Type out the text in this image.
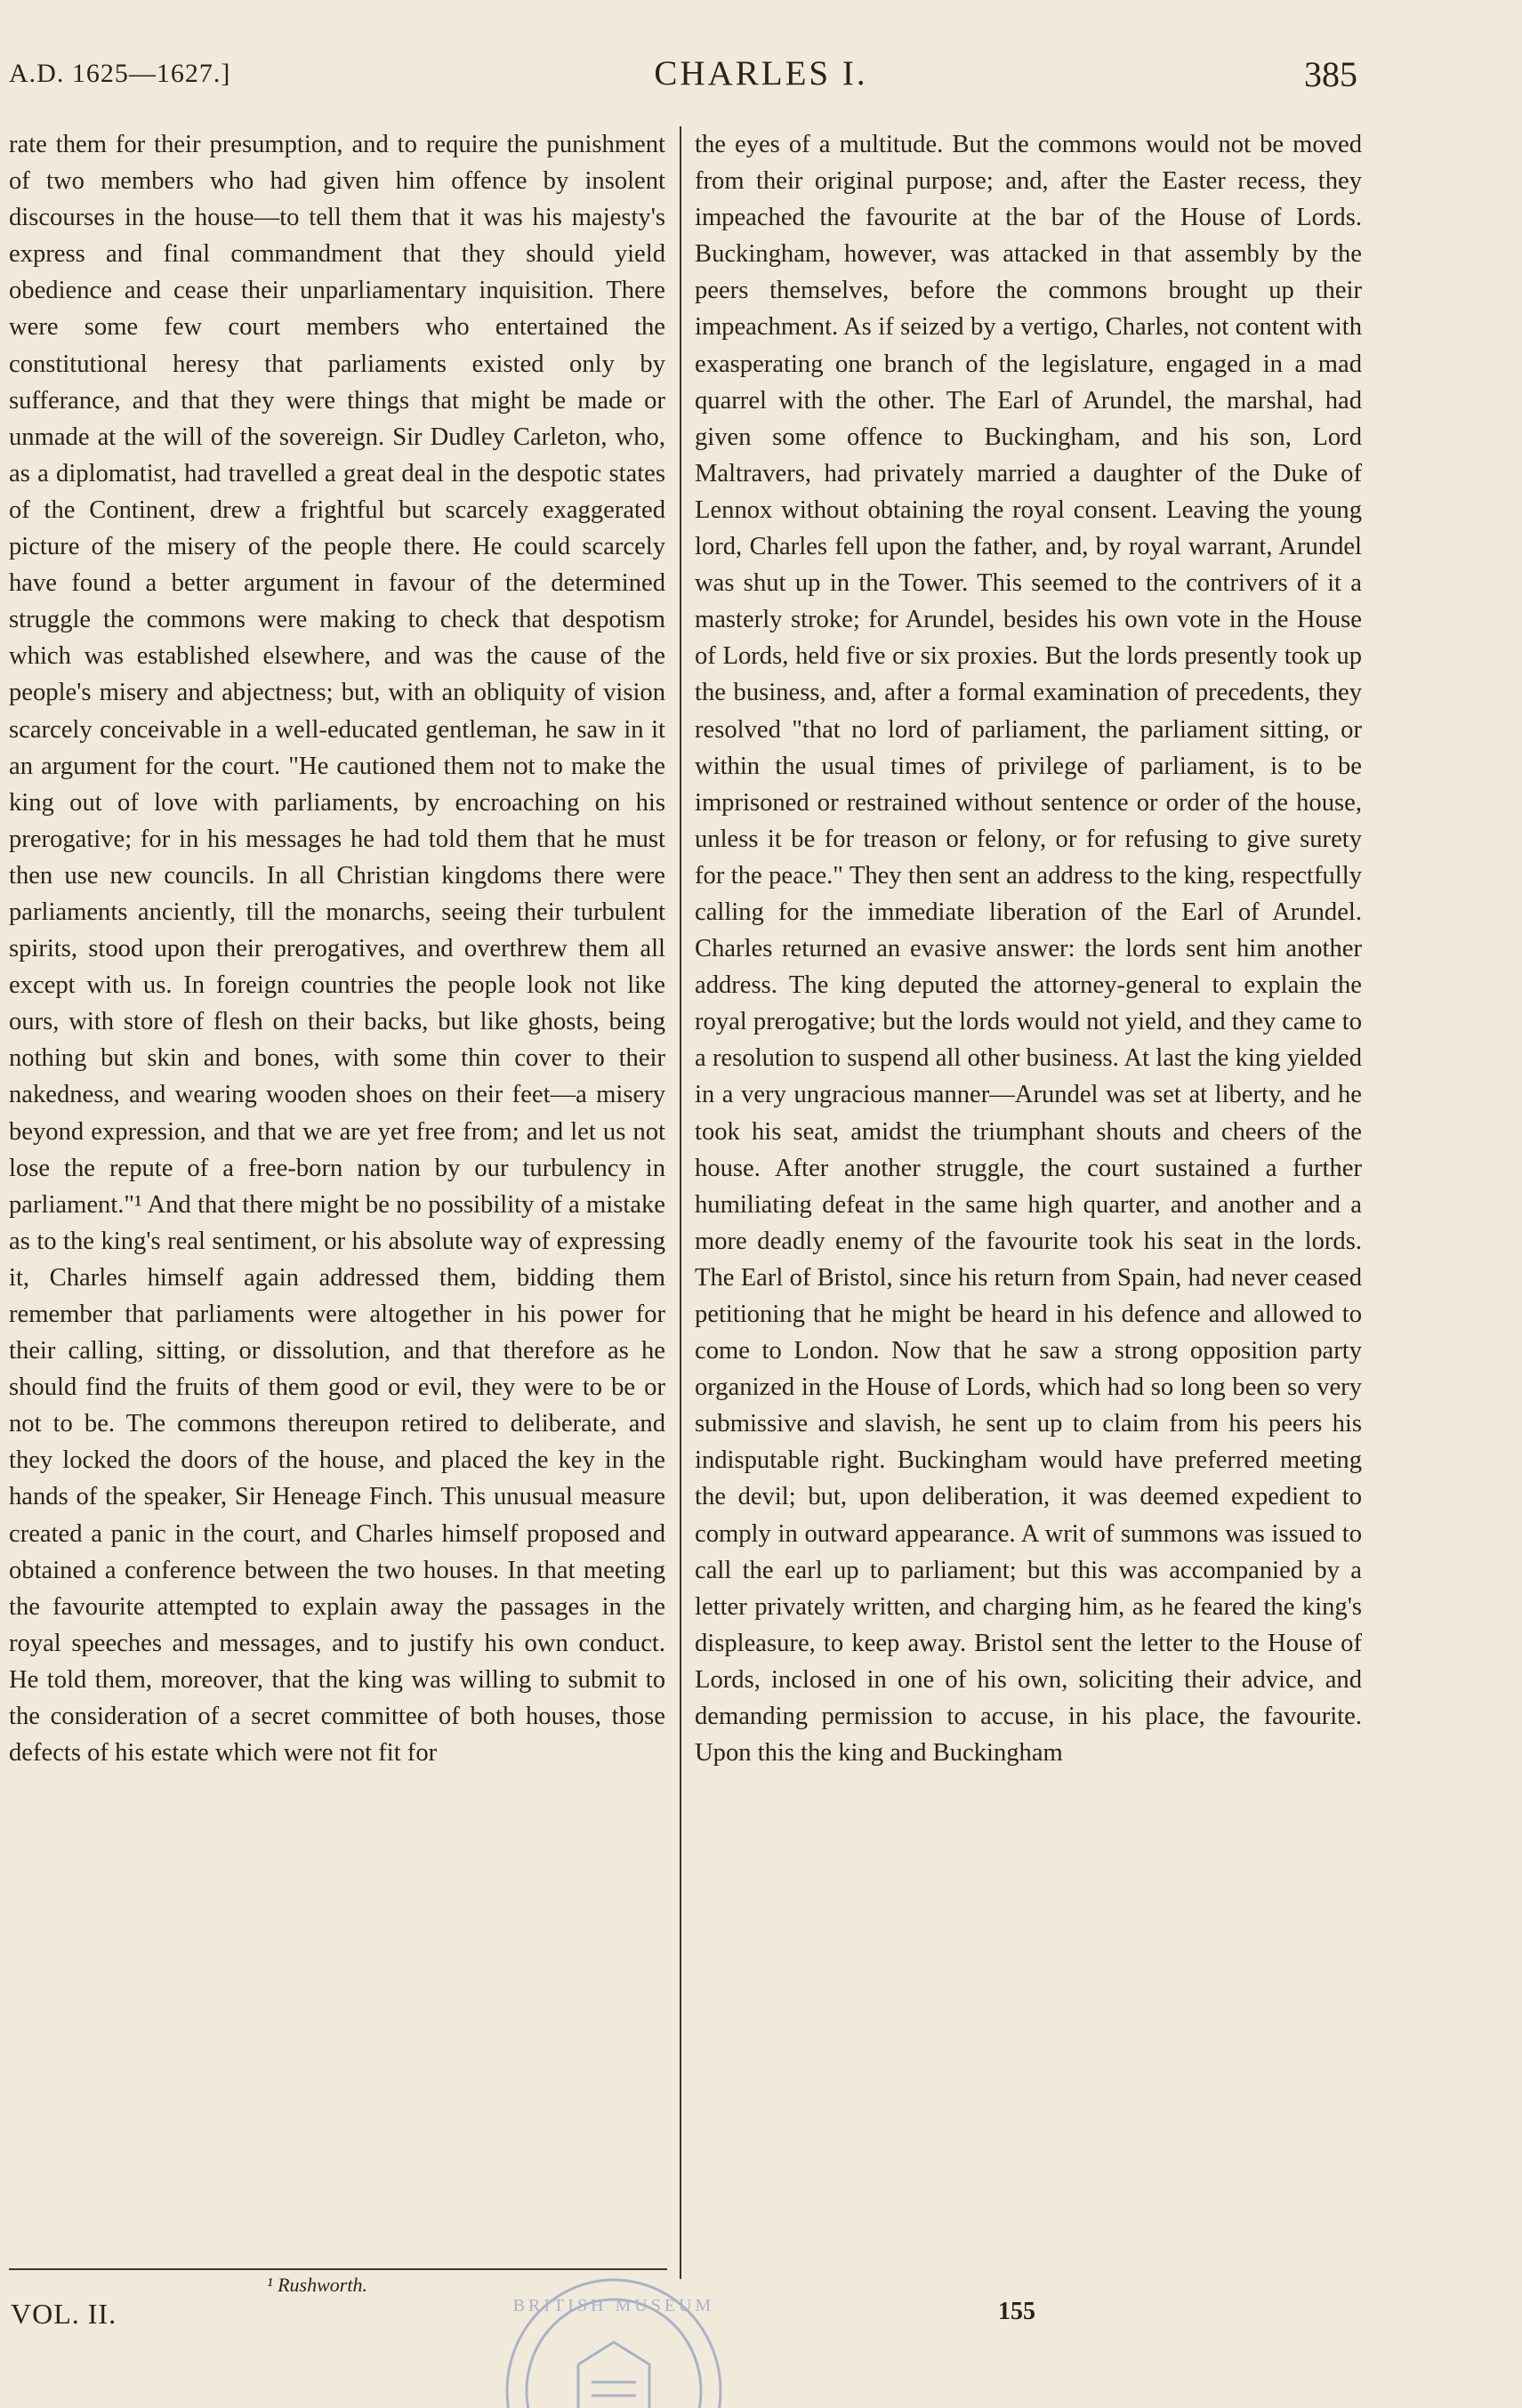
A.D. 1625—1627.]	CHARLES I.	385

rate them for their presumption, and to require the punishment of two members who had given him offence by insolent discourses in the house—to tell them that it was his majesty's express and final commandment that they should yield obedience and cease their unparliamentary inquisition. There were some few court members who entertained the constitutional heresy that parliaments existed only by sufferance, and that they were things that might be made or unmade at the will of the sovereign. Sir Dudley Carleton, who, as a diplomatist, had travelled a great deal in the despotic states of the Continent, drew a frightful but scarcely exaggerated picture of the misery of the people there. He could scarcely have found a better argument in favour of the determined struggle the commons were making to check that despotism which was established elsewhere, and was the cause of the people's misery and abjectness; but, with an obliquity of vision scarcely conceivable in a well-educated gentleman, he saw in it an argument for the court. "He cautioned them not to make the king out of love with parliaments, by encroaching on his prerogative; for in his messages he had told them that he must then use new councils. In all Christian kingdoms there were parliaments anciently, till the monarchs, seeing their turbulent spirits, stood upon their prerogatives, and overthrew them all except with us. In foreign countries the people look not like ours, with store of flesh on their backs, but like ghosts, being nothing but skin and bones, with some thin cover to their nakedness, and wearing wooden shoes on their feet—a misery beyond expression, and that we are yet free from; and let us not lose the repute of a free-born nation by our turbulency in parliament."¹ And that there might be no possibility of a mistake as to the king's real sentiment, or his absolute way of expressing it, Charles himself again addressed them, bidding them remember that parliaments were altogether in his power for their calling, sitting, or dissolution, and that therefore as he should find the fruits of them good or evil, they were to be or not to be. The commons thereupon retired to deliberate, and they locked the doors of the house, and placed the key in the hands of the speaker, Sir Heneage Finch. This unusual measure created a panic in the court, and Charles himself proposed and obtained a conference between the two houses. In that meeting the favourite attempted to explain away the passages in the royal speeches and messages, and to justify his own conduct. He told them, moreover, that the king was willing to submit to the consideration of a secret committee of both houses, those defects of his estate which were not fit for

the eyes of a multitude. But the commons would not be moved from their original purpose; and, after the Easter recess, they impeached the favourite at the bar of the House of Lords. Buckingham, however, was attacked in that assembly by the peers themselves, before the commons brought up their impeachment. As if seized by a vertigo, Charles, not content with exasperating one branch of the legislature, engaged in a mad quarrel with the other. The Earl of Arundel, the marshal, had given some offence to Buckingham, and his son, Lord Maltravers, had privately married a daughter of the Duke of Lennox without obtaining the royal consent. Leaving the young lord, Charles fell upon the father, and, by royal warrant, Arundel was shut up in the Tower. This seemed to the contrivers of it a masterly stroke; for Arundel, besides his own vote in the House of Lords, held five or six proxies. But the lords presently took up the business, and, after a formal examination of precedents, they resolved "that no lord of parliament, the parliament sitting, or within the usual times of privilege of parliament, is to be imprisoned or restrained without sentence or order of the house, unless it be for treason or felony, or for refusing to give surety for the peace." They then sent an address to the king, respectfully calling for the immediate liberation of the Earl of Arundel. Charles returned an evasive answer: the lords sent him another address. The king deputed the attorney-general to explain the royal prerogative; but the lords would not yield, and they came to a resolution to suspend all other business. At last the king yielded in a very ungracious manner—Arundel was set at liberty, and he took his seat, amidst the triumphant shouts and cheers of the house. After another struggle, the court sustained a further humiliating defeat in the same high quarter, and another and a more deadly enemy of the favourite took his seat in the lords. The Earl of Bristol, since his return from Spain, had never ceased petitioning that he might be heard in his defence and allowed to come to London. Now that he saw a strong opposition party organized in the House of Lords, which had so long been so very submissive and slavish, he sent up to claim from his peers his indisputable right. Buckingham would have preferred meeting the devil; but, upon deliberation, it was deemed expedient to comply in outward appearance. A writ of summons was issued to call the earl up to parliament; but this was accompanied by a letter privately written, and charging him, as he feared the king's displeasure, to keep away. Bristol sent the letter to the House of Lords, inclosed in one of his own, soliciting their advice, and demanding permission to accuse, in his place, the favourite. Upon this the king and Buckingham

¹ Rushworth.
VOL. II.	155
BRITISH MUSEUM
